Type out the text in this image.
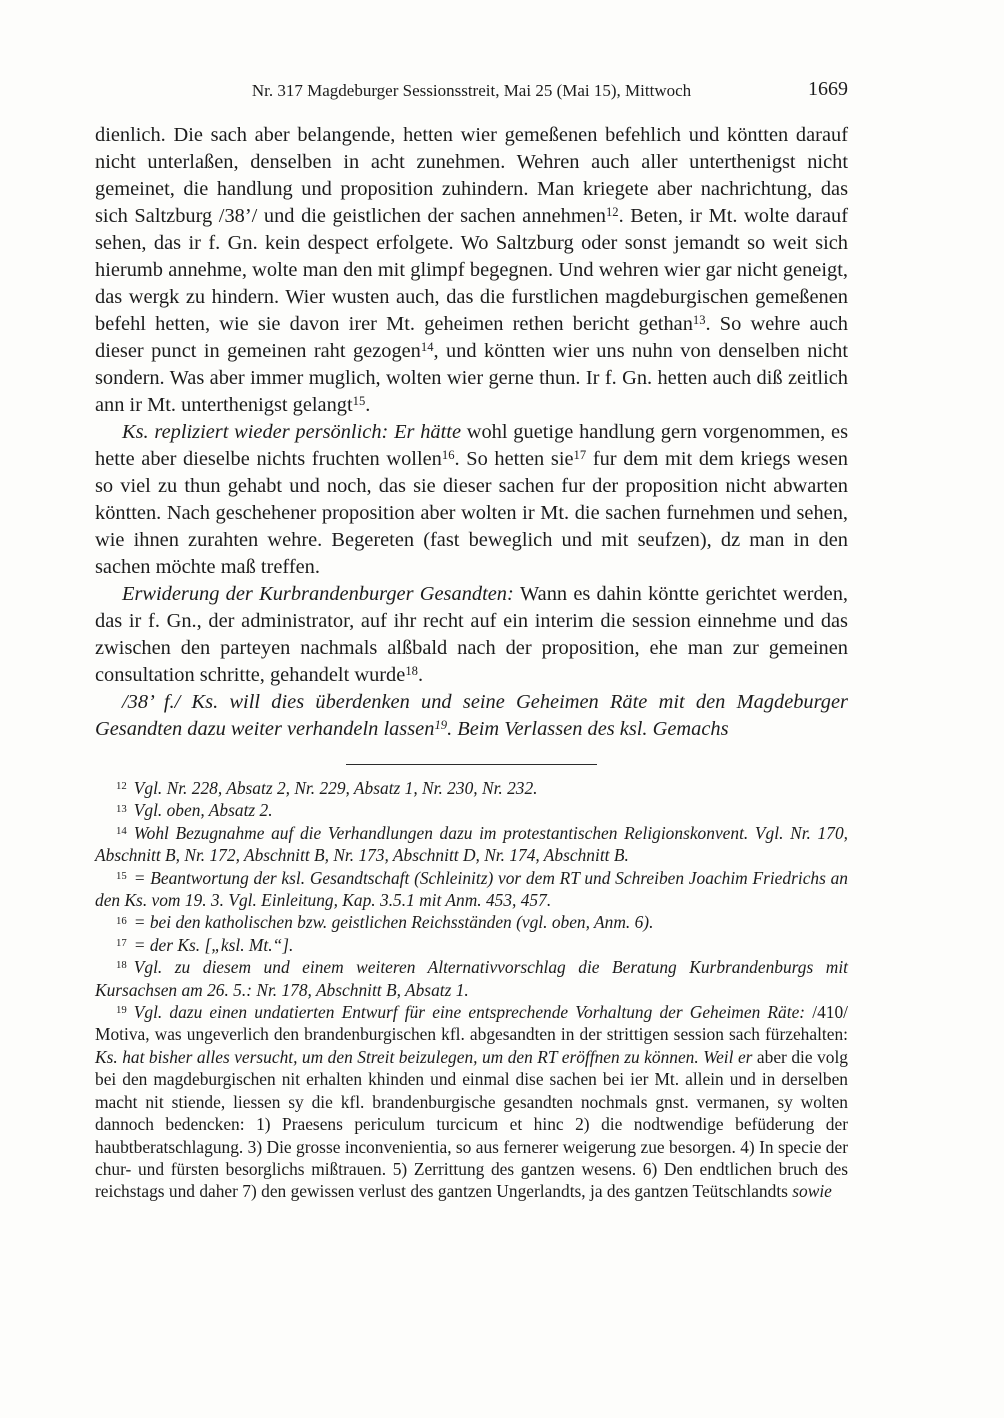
Nr. 317 Magdeburger Sessionsstreit, Mai 25 (Mai 15), Mittwoch	1669

dienlich. Die sach aber belangende, hetten wier gemeßenen befehlich und köntten darauf nicht unterlaßen, denselben in acht zunehmen. Wehren auch aller unterthenigst nicht gemeinet, die handlung und proposition zuhindern. Man kriegete aber nachrichtung, das sich Saltzburg /38’/ und die geistlichen der sachen annehmen$^{12}$. Beten, ir Mt. wolte darauf sehen, das ir f. Gn. kein despect erfolgete. Wo Saltzburg oder sonst jemandt so weit sich hierumb annehme, wolte man den mit glimpf begegnen. Und wehren wier gar nicht geneigt, das wergk zu hindern. Wier wusten auch, das die furstlichen magdeburgischen gemeßenen befehl hetten, wie sie davon irer Mt. geheimen rethen bericht gethan$^{13}$. So wehre auch dieser punct in gemeinen raht gezogen$^{14}$, und köntten wier uns nuhn von denselben nicht sondern. Was aber immer muglich, wolten wier gerne thun. Ir f. Gn. hetten auch diß zeitlich ann ir Mt. unterthenigst gelangt$^{15}$.

Ks. repliziert wieder persönlich: Er hätte wohl guetige handlung gern vorgenommen, es hette aber dieselbe nichts fruchten wollen$^{16}$. So hetten sie$^{17}$ fur dem mit dem kriegs wesen so viel zu thun gehabt und noch, das sie dieser sachen fur der proposition nicht abwarten köntten. Nach geschehener proposition aber wolten ir Mt. die sachen furnehmen und sehen, wie ihnen zurahten wehre. Begereten (fast beweglich und mit seufzen), dz man in den sachen möchte maß treffen.

Erwiderung der Kurbrandenburger Gesandten: Wann es dahin köntte gerichtet werden, das ir f. Gn., der administrator, auf ihr recht auf ein interim die session einnehme und das zwischen den parteyen nachmals alßbald nach der proposition, ehe man zur gemeinen consultation schritte, gehandelt wurde$^{18}$.

/38’ f./ Ks. will dies überdenken und seine Geheimen Räte mit den Magdeburger Gesandten dazu weiter verhandeln lassen$^{19}$. Beim Verlassen des ksl. Gemachs

$^{12}$ Vgl. Nr. 228, Absatz 2, Nr. 229, Absatz 1, Nr. 230, Nr. 232.

$^{13}$ Vgl. oben, Absatz 2.

$^{14}$ Wohl Bezugnahme auf die Verhandlungen dazu im protestantischen Religionskonvent. Vgl. Nr. 170, Abschnitt B, Nr. 172, Abschnitt B, Nr. 173, Abschnitt D, Nr. 174, Abschnitt B.

$^{15}$ = Beantwortung der ksl. Gesandtschaft (Schleinitz) vor dem RT und Schreiben Joachim Friedrichs an den Ks. vom 19. 3. Vgl. Einleitung, Kap. 3.5.1 mit Anm. 453, 457.

$^{16}$ = bei den katholischen bzw. geistlichen Reichsständen (vgl. oben, Anm. 6).

$^{17}$ = der Ks. [„ksl. Mt.“].

$^{18}$ Vgl. zu diesem und einem weiteren Alternativvorschlag die Beratung Kurbrandenburgs mit Kursachsen am 26. 5.: Nr. 178, Abschnitt B, Absatz 1.

$^{19}$ Vgl. dazu einen undatierten Entwurf für eine entsprechende Vorhaltung der Geheimen Räte: /410/ Motiva, was ungeverlich den brandenburgischen kfl. abgesandten in der strittigen session sach fürzehalten: Ks. hat bisher alles versucht, um den Streit beizulegen, um den RT eröffnen zu können. Weil er aber die volg bei den magdeburgischen nit erhalten khinden und einmal dise sachen bei ier Mt. allein und in derselben macht nit stiende, liessen sy die kfl. brandenburgische gesandten nochmals gnst. vermanen, sy wolten dannoch bedencken: 1) Praesens periculum turcicum et hinc 2) die nodtwendige befüderung der haubtberatschlagung. 3) Die grosse inconvenientia, so aus fernerer weigerung zue besorgen. 4) In specie der chur- und fürsten besorglichs mißtrauen. 5) Zerrittung des gantzen wesens. 6) Den endtlichen bruch des reichstags und daher 7) den gewissen verlust des gantzen Ungerlandts, ja des gantzen Teütschlandts sowie
